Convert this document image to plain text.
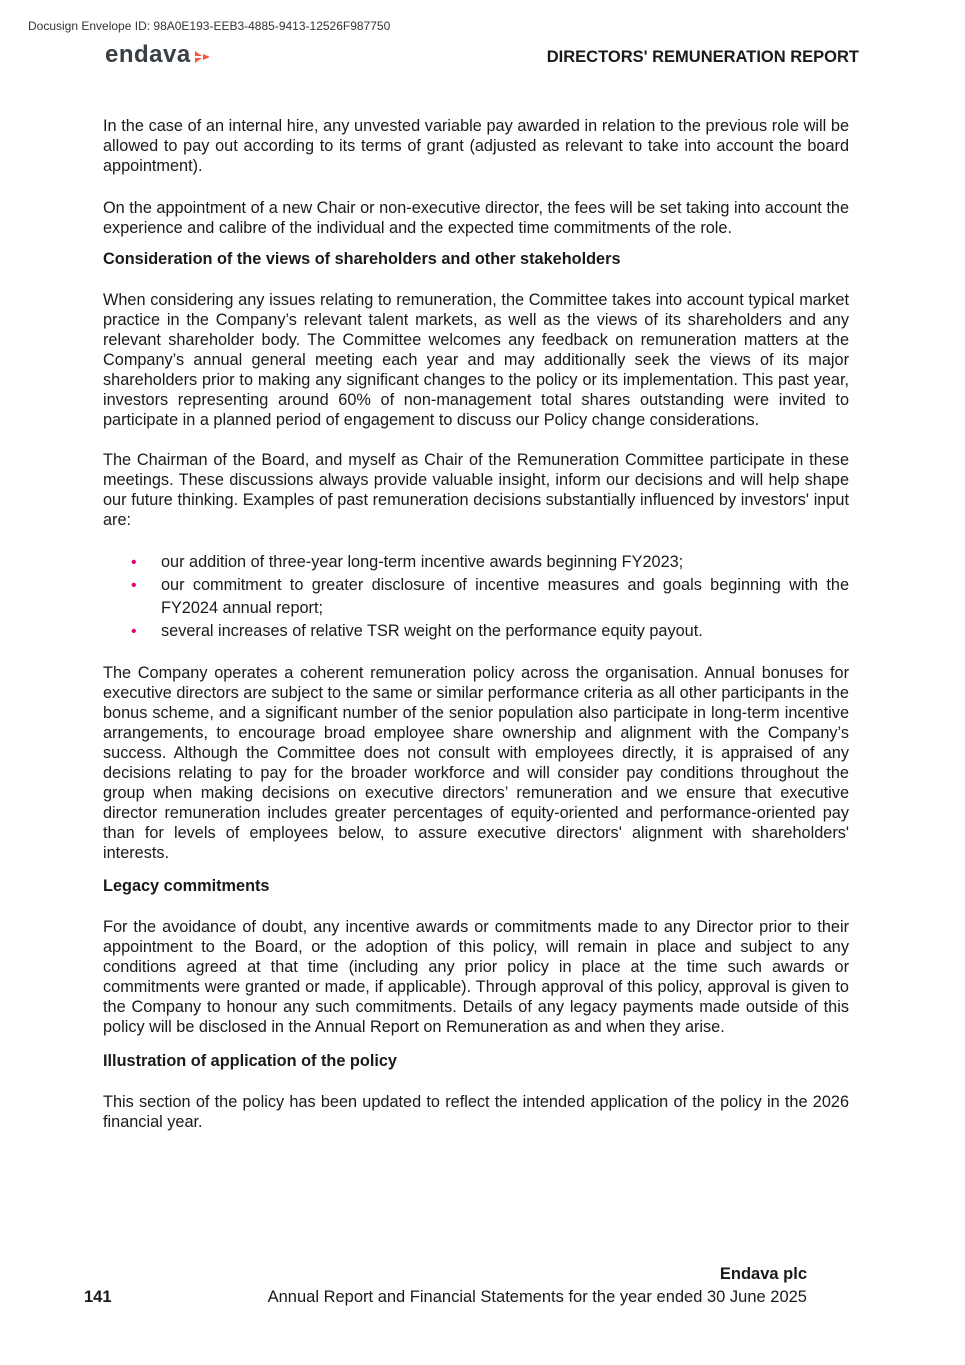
Docusign Envelope ID: 98A0E193-EEB3-4885-9413-12526F987750
endava	DIRECTORS' REMUNERATION REPORT

In the case of an internal hire, any unvested variable pay awarded in relation to the previous role will be allowed to pay out according to its terms of grant (adjusted as relevant to take into account the board appointment).

On the appointment of a new Chair or non-executive director, the fees will be set taking into account the experience and calibre of the individual and the expected time commitments of the role.

Consideration of the views of shareholders and other stakeholders

When considering any issues relating to remuneration, the Committee takes into account typical market practice in the Company’s relevant talent markets, as well as the views of its shareholders and any relevant shareholder body. The Committee welcomes any feedback on remuneration matters at the Company’s annual general meeting each year and may additionally seek the views of its major shareholders prior to making any significant changes to the policy or its implementation. This past year, investors representing around 60% of non-management total shares outstanding were invited to participate in a planned period of engagement to discuss our Policy change considerations.

The Chairman of the Board, and myself as Chair of the Remuneration Committee participate in these meetings. These discussions always provide valuable insight, inform our decisions and will help shape our future thinking. Examples of past remuneration decisions substantially influenced by investors' input are:

• our addition of three-year long-term incentive awards beginning FY2023;
• our commitment to greater disclosure of incentive measures and goals beginning with the FY2024 annual report;
• several increases of relative TSR weight on the performance equity payout.

The Company operates a coherent remuneration policy across the organisation. Annual bonuses for executive directors are subject to the same or similar performance criteria as all other participants in the bonus scheme, and a significant number of the senior population also participate in long-term incentive arrangements, to encourage broad employee share ownership and alignment with the Company’s success. Although the Committee does not consult with employees directly, it is appraised of any decisions relating to pay for the broader workforce and will consider pay conditions throughout the group when making decisions on executive directors’ remuneration and we ensure that executive director remuneration includes greater percentages of equity-oriented and performance-oriented pay than for levels of employees below, to assure executive directors' alignment with shareholders' interests.

Legacy commitments

For the avoidance of doubt, any incentive awards or commitments made to any Director prior to their appointment to the Board, or the adoption of this policy, will remain in place and subject to any conditions agreed at that time (including any prior policy in place at the time such awards or commitments were granted or made, if applicable). Through approval of this policy, approval is given to the Company to honour any such commitments. Details of any legacy payments made outside of this policy will be disclosed in the Annual Report on Remuneration as and when they arise.

Illustration of application of the policy

This section of the policy has been updated to reflect the intended application of the policy in the 2026 financial year.

Endava plc
141	Annual Report and Financial Statements for the year ended 30 June 2025
